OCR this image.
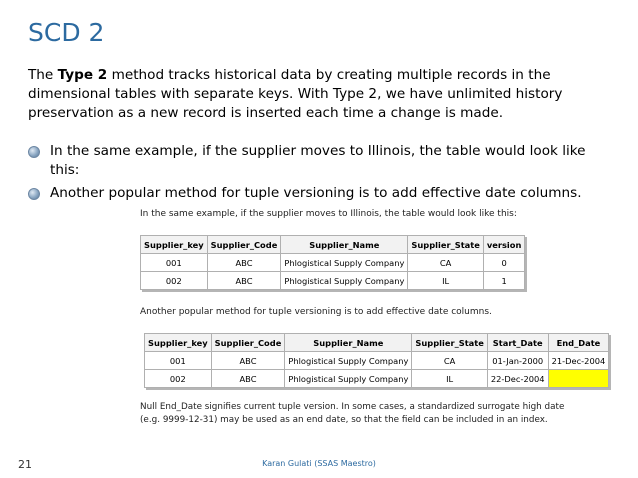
SCD 2
The Type 2 method tracks historical data by creating multiple records in the dimensional tables with separate keys. With Type 2, we have unlimited history preservation as a new record is inserted each time a change is made.
In the same example, if the supplier moves to Illinois, the table would look like this:
Another popular method for tuple versioning is to add effective date columns.
In the same example, if the supplier moves to Illinois, the table would look like this:
Supplier_key	Supplier_Code	Supplier_Name	Supplier_State	version
001	ABC	Phlogistical Supply Company	CA	0
002	ABC	Phlogistical Supply Company	IL	1
Another popular method for tuple versioning is to add effective date columns.
Supplier_key	Supplier_Code	Supplier_Name	Supplier_State	Start_Date	End_Date
001	ABC	Phlogistical Supply Company	CA	01-Jan-2000	21-Dec-2004
002	ABC	Phlogistical Supply Company	IL	22-Dec-2004	
Null End_Date signifies current tuple version. In some cases, a standardized surrogate high date (e.g. 9999-12-31) may be used as an end date, so that the field can be included in an index.
21	Karan Gulati (SSAS Maestro)
